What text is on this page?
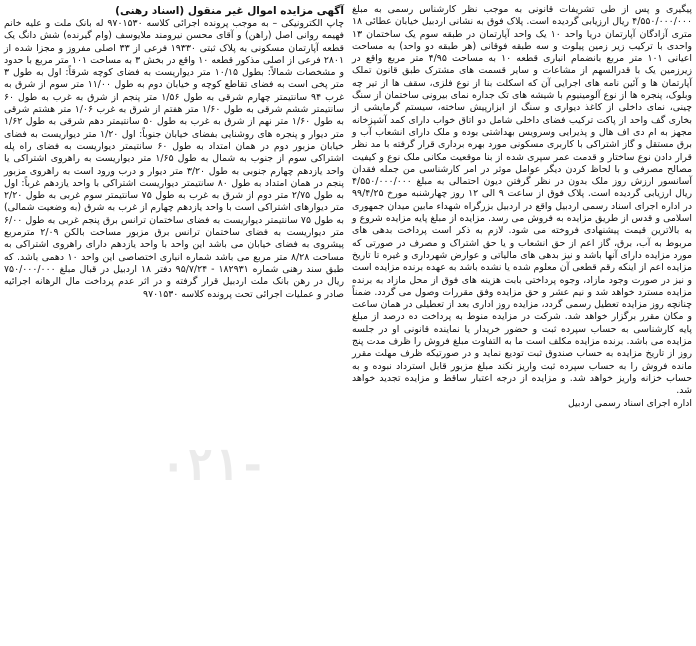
پیگیری و پس از طی تشریفات قانونی به موجب نظر کارشناس رسمی به مبلغ ۴/۵۵۰/۰۰۰/۰۰۰ ریال ارزیابی گردیده است. پلاک فوق به نشانی اردبیل خیابان عطائی ۱۸ متری آزادگان آپارتمان دریا واحد ۱۰ یک واحد آپارتمان در طبقه سوم یک ساختمان ۱۳ واحدی با ترکیب زیر زمین پیلوت و سه طبقه فوقانی (هر طبقه دو واحد) به مساحت اعیانی ۱۰۱ متر مربع بانضمام انباری قطعه ۱۰ به مساحت ۴/۹۵ متر مربع واقع در زیرزمین یک با قدرالسهم از مشاعات و سایر قسمت های مشترک طبق قانون تملک آپارتمان ها و آئین نامه های اجرایی آن که اسکلت بنا از نوع فلزی، سقف ها از تیر چه وبلوک، پنجره ها از نوع آلومینیوم با شیشه های تک جداره نمای بیرونی ساختمان از سنگ چینی، نمای داخلی از کاغذ دیواری و سنگ از ابزارپیش ساخته، سیستم گرمایشی از بخاری گف واحد از پاکت ترکیب فضای داخلی شامل دو اتاق خواب دارای کمد آشپزخانه مجهز به ام دی اف هال و پذیرایی وسرویس بهداشتی بوده و ملک دارای انشعاب آب و برق مستقل و گاز اشتراکی با کاربری مسکونی مورد بهره برداری قرار گرفته با مد نظر قرار دادن نوع ساختار و قدمت عمر سپری شده از بنا موقعیت مکانی ملک نوع و کیفیت مصالح مصرفی و با لحاظ کردن دیگر عوامل موثر در امر کارشناسی من جمله فقدان آسانسور ارزش روز ملک بدون در نظر گرفتن دیون احتمالی به مبلغ ۴/۵۵۰/۰۰۰/۰۰۰ ریال ارزیابی گردیده است. پلاک فوق از ساعت ۹ الی ۱۲ روز چهارشنبه مورخ ۹۹/۴/۲۵ در اداره اجرای اسناد رسمی اردبیل واقع در اردبیل بزرگراه شهداء مابین میدان جمهوری اسلامی و قدس از طریق مزایده به فروش می رسد. مزایده از مبلغ پایه مزایده شروع و به بالاترین قیمت پیشنهادی فروخته می شود. لازم به ذکر است پرداخت بدهی های مربوط به آب، برق، گاز اعم از حق انشعاب و یا حق اشتراک و مصرف در صورتی که مورد مزایده دارای آنها باشد و نیز بدهی های مالیاتی و عوارض شهرداری و غیره تا تاریخ مزایده اعم از اینکه رقم قطعی آن معلوم شده یا نشده باشد به عهده برنده مزایده است و نیز در صورت وجود مازاد، وجوه پرداختی بابت هزینه های فوق از محل مازاد به برنده مزایده مسترد خواهد شد و نیم عشر و حق مزایده وفق مقررات وصول می گردد. ضمناً چنانچه روز مزایده تعطیل رسمی گردد، مزایده روز اداری بعد از تعطیلی در همان ساعت و مکان مقرر برگزار خواهد شد. شرکت در مزایده منوط به پرداخت ده درصد از مبلغ پایه کارشناسی به حساب سپرده ثبت و حضور خریدار یا نماینده قانونی او در جلسه مزایده می باشد. برنده مزایده مکلف است ما به التفاوت مبلغ فروش را ظرف مدت پنج روز از تاریخ مزایده به حساب صندوق ثبت تودیع نماید و در صورتیکه ظرف مهلت مقرر مانده فروش را به حساب سپرده ثبت واریز نکند مبلغ مزبور قابل استرداد نبوده و به حساب خزانه واریز خواهد شد. و مزایده از درجه اعتبار ساقط و مزایده تجدید خواهد شد.

اداره اجرای اسناد رسمی اردبیل

آگهی مزایده اموال غیر منقول (اسناد رهنی)

چاپ الکترونیکی – به موجب پرونده اجرائی کلاسه ۹۷۰۱۵۳۰ له بانک ملت و علیه خانم فهیمه روانی اصل (راهن) و آقای محسن نیرومند ملایوسف (وام گیرنده) شش دانگ یک قطعه آپارتمان مسکونی به پلاک ثبتی ۱۹۳۳۰ فرعی از ۳۳ اصلی مفروز و مجزا شده از ۲۸۰۱ فرعی از اصلی مذکور قطعه ۱۰ واقع در بخش ۳ به مساحت ۱۰۱ متر مربع با حدود و مشخصات شمالاً: بطول ۱۰/۱۵ متر دیواریست به فضای کوچه شرقاً: اول به طول ۳ متر پخی است به فضای تقاطع کوچه و خیابان دوم به طول ۱۱/۰۰ متر سوم از شرق به غرب ۹۴ سانتیمتر چهارم شرقی به طول ۱/۵۶ متر پنجم از شرق به غرب به طول ۶۰ سانتیمتر ششم شرقی به طول ۱/۶۰ متر هفتم از شرق به غرب ۱/۰۶ متر هشتم شرقی به طول ۱/۶۰ متر نهم از شرق به غرب به طول ۵۰ سانتیمتر دهم شرقی به طول ۱/۶۲ متر دیوار و پنجره های روشنایی بفضای خیابان جنوباً: اول ۱/۲۰ متر دیواریست به فضای خیابان مزبور دوم در همان امتداد به طول ۶۰ سانتیمتر دیواریست به فضای راه پله اشتراکی سوم از جنوب به شمال به طول ۱/۶۵ متر دیواریست به راهروی اشتراکی یا واحد یازدهم چهارم جنوبی به طول ۳/۲۰ متر دیوار و درب ورود است به راهروی مزبور پنجم در همان امتداد به طول ۸۰ سانتیمتر دیواریست اشتراکی با واحد یازدهم غرباً: اول به طول ۲/۷۵ متر دوم از شرق به غرب به طول ۷۵ سانتیمتر سوم غربی به طول ۲/۲۰ متر دیوارهای اشتراکی است با واحد یازدهم چهارم از غرب به شرق (به وضعیت شمالی) به طول ۷۵ سانتیمتر دیواریست به فضای ساختمان ترانس برق پنجم غربی به طول ۶/۰۰ متر دیواریست به فضای ساختمان ترانس برق مزبور مساحت بالکن ۲/۰۹ مترمربع پیشروی به فضای خیابان می باشد این واحد با واحد یازدهم دارای راهروی اشتراکی به مساحت ۸/۲۸ متر مربع می باشد شماره انباری اختصاصی این واحد ۱۰ دهمی باشد. که طبق سند رهنی شماره ۱۸۲۹۳۱ - ۹۵/۷/۲۴ دفتر ۱۸ اردبیل در قبال مبلغ ۷۵۰/۰۰۰/۰۰۰ ریال در رهن بانک ملت اردبیل قرار گرفته و در اثر عدم پرداخت مال الرهانه اجرائیه صادر و عملیات اجرائی تحت پرونده کلاسه ۹۷۰۱۵۳۰

۰۲۱-
